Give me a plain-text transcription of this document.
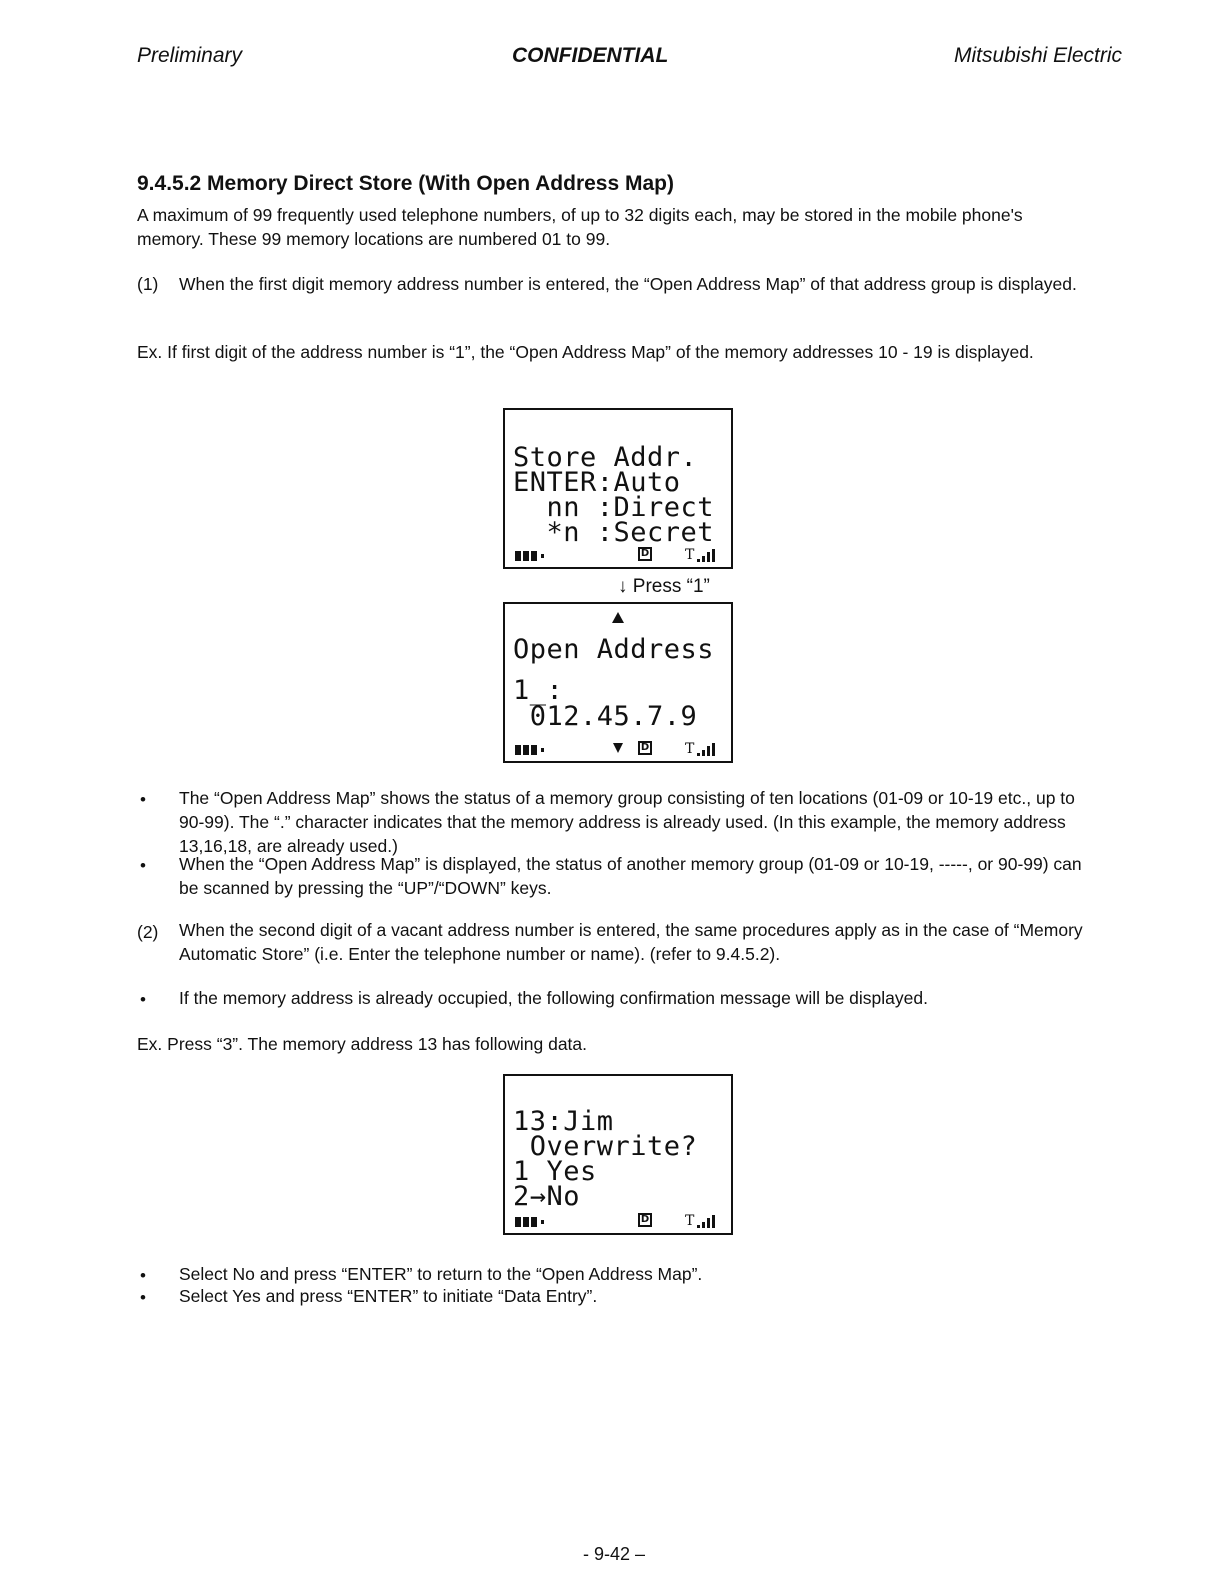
Preliminary	CONFIDENTIAL	Mitsubishi Electric
9.4.5.2 Memory Direct Store (With Open Address Map)
A maximum of 99 frequently used telephone numbers, of up to 32 digits each, may be stored in the mobile phone's memory. These 99 memory locations are numbered 01 to 99.
(1) When the first digit memory address number is entered, the “Open Address Map” of that address group is displayed.
Ex. If first digit of the address number is “1”, the “Open Address Map” of the memory addresses 10 - 19 is displayed.
Store Addr.
ENTER:Auto
nn :Direct
*n :Secret
D	T
↓ Press “1”
Open Address
1_:
012.45.7.9
D	T
• The “Open Address Map” shows the status of a memory group consisting of ten locations (01-09 or 10-19 etc., up to 90-99). The “.” character indicates that the memory address is already used. (In this example, the memory address 13,16,18, are already used.)
• When the “Open Address Map” is displayed, the status of another memory group (01-09 or 10-19, -----, or 90-99) can be scanned by pressing the “UP”/“DOWN” keys.
(2) When the second digit of a vacant address number is entered, the same procedures apply as in the case of “Memory Automatic Store” (i.e. Enter the telephone number or name). (refer to 9.4.5.2).
• If the memory address is already occupied, the following confirmation message will be displayed.
Ex. Press “3”. The memory address 13 has following data.
13:Jim
Overwrite?
1 Yes
2→No
D	T
• Select No and press “ENTER” to return to the “Open Address Map”.
• Select Yes and press “ENTER” to initiate “Data Entry”.
- 9-42 –
